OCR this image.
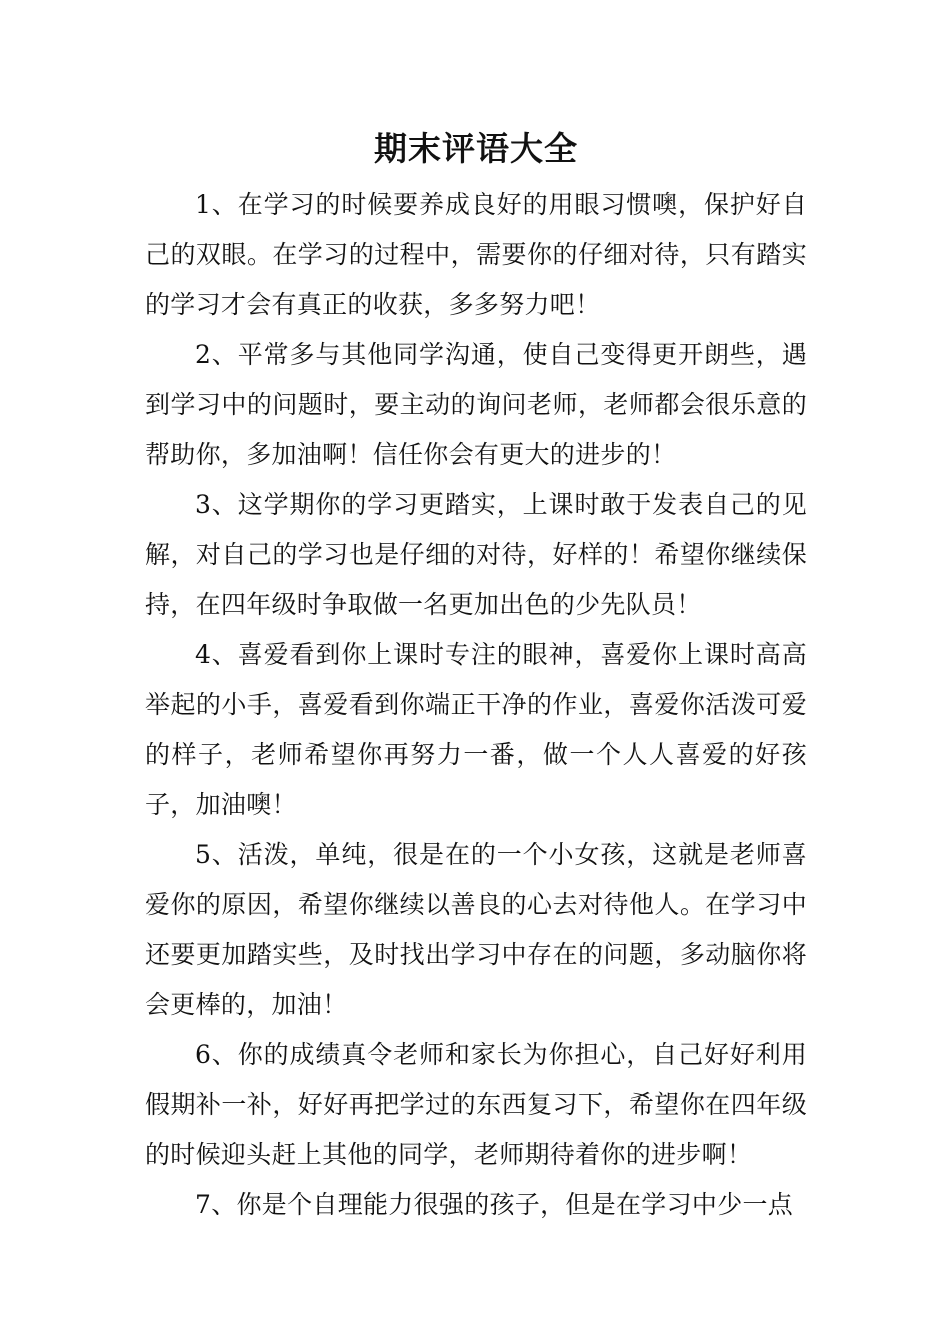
期末评语大全

1、在学习的时候要养成良好的用眼习惯噢，保护好自己的双眼。在学习的过程中，需要你的仔细对待，只有踏实的学习才会有真正的收获，多多努力吧！

2、平常多与其他同学沟通，使自己变得更开朗些，遇到学习中的问题时，要主动的询问老师，老师都会很乐意的帮助你，多加油啊！信任你会有更大的进步的！

3、这学期你的学习更踏实，上课时敢于发表自己的见解，对自己的学习也是仔细的对待，好样的！希望你继续保持，在四年级时争取做一名更加出色的少先队员！

4、喜爱看到你上课时专注的眼神，喜爱你上课时高高举起的小手，喜爱看到你端正干净的作业，喜爱你活泼可爱的样子，老师希望你再努力一番，做一个人人喜爱的好孩子，加油噢！

5、活泼，单纯，很是在的一个小女孩，这就是老师喜爱你的原因，希望你继续以善良的心去对待他人。在学习中还要更加踏实些，及时找出学习中存在的问题，多动脑你将会更棒的，加油！

6、你的成绩真令老师和家长为你担心，自己好好利用假期补一补，好好再把学过的东西复习下，希望你在四年级的时候迎头赶上其他的同学，老师期待着你的进步啊！

7、你是个自理能力很强的孩子，但是在学习中少一点
